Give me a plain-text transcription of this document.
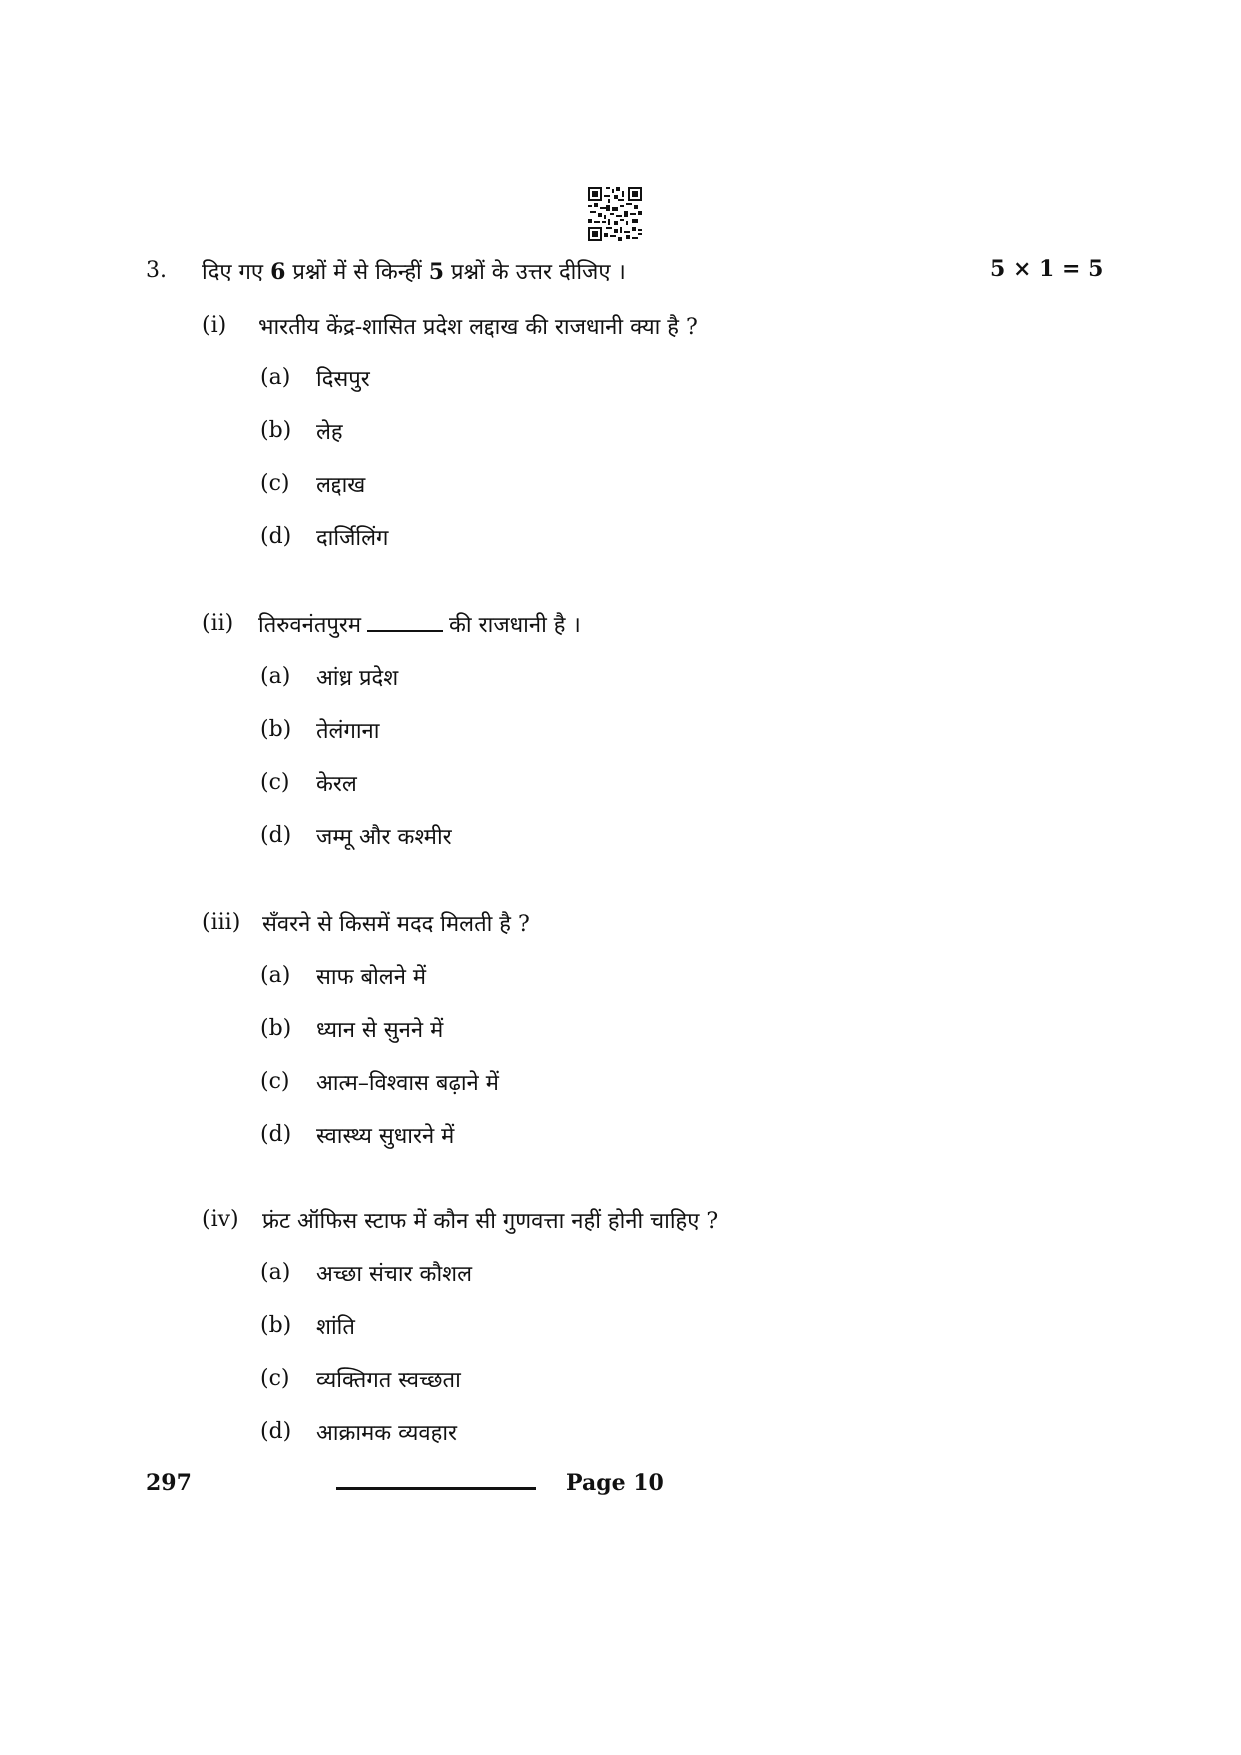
3. दिए गए 6 प्रश्नों में से किन्हीं 5 प्रश्नों के उत्तर दीजिए ।	5 × 1 = 5
(i) भारतीय केंद्र-शासित प्रदेश लद्दाख की राजधानी क्या है ?
(a) दिसपुर
(b) लेह
(c) लद्दाख
(d) दार्जिलिंग
(ii) तिरुवनंतपुरम	की राजधानी है ।
(a) आंध्र प्रदेश
(b) तेलंगाना
(c) केरल
(d) जम्मू और कश्मीर
(iii) सँवरने से किसमें मदद मिलती है ?
(a) साफ बोलने में
(b) ध्यान से सुनने में
(c) आत्म–विश्वास बढ़ाने में
(d) स्वास्थ्य सुधारने में
(iv) फ्रंट ऑफिस स्टाफ में कौन सी गुणवत्ता नहीं होनी चाहिए ?
(a) अच्छा संचार कौशल
(b) शांति
(c) व्यक्तिगत स्वच्छता
(d) आक्रामक व्यवहार
297	Page 10
